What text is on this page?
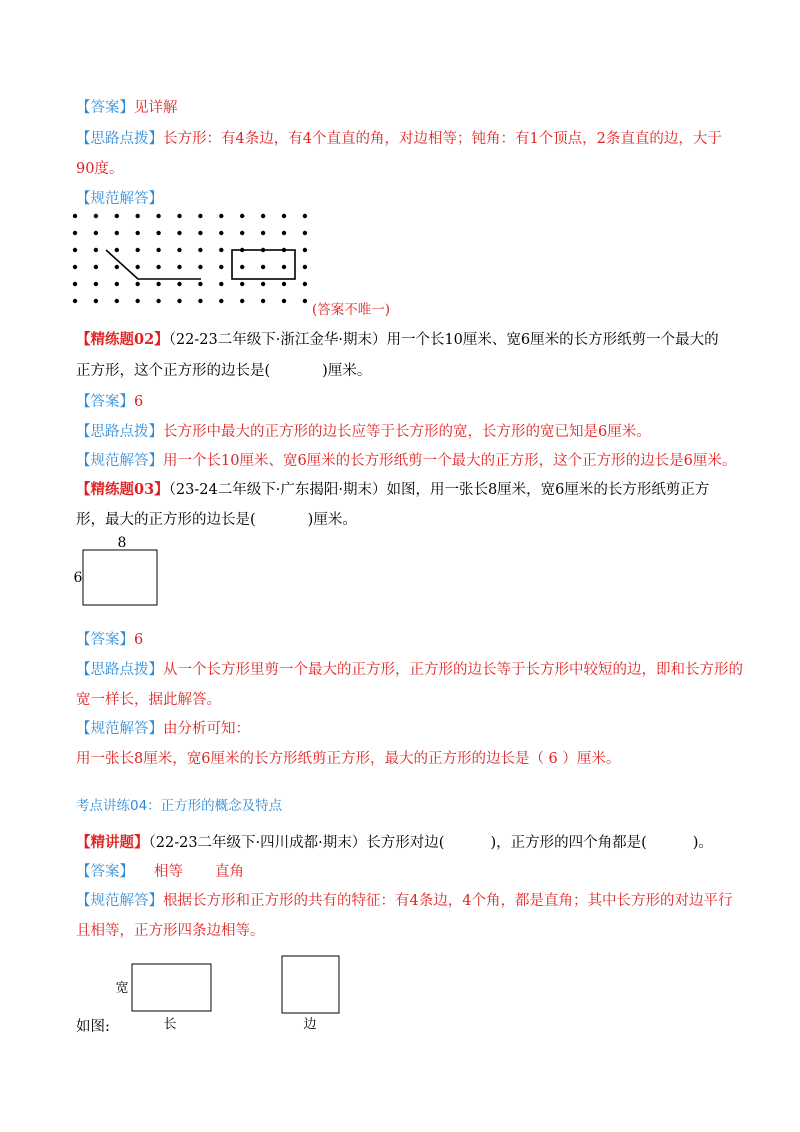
【答案】见详解
【思路点拨】长方形：有4条边，有4个直直的角，对边相等；钝角：有1个顶点，2条直直的边，大于
90度。
【规范解答】
(答案不唯一)
【精练题02】（22-23二年级下·浙江金华·期末）用一个长10厘米、宽6厘米的长方形纸剪一个最大的
正方形，这个正方形的边长是(	)厘米。
【答案】6
【思路点拨】长方形中最大的正方形的边长应等于长方形的宽，长方形的宽已知是6厘米。
【规范解答】用一个长10厘米、宽6厘米的长方形纸剪一个最大的正方形，这个正方形的边长是6厘米。
【精练题03】（23-24二年级下·广东揭阳·期末）如图，用一张长8厘米，宽6厘米的长方形纸剪正方
形，最大的正方形的边长是(	)厘米。
8
6
【答案】6
【思路点拨】从一个长方形里剪一个最大的正方形，正方形的边长等于长方形中较短的边，即和长方形的
宽一样长，据此解答。
【规范解答】由分析可知：
用一张长8厘米，宽6厘米的长方形纸剪正方形，最大的正方形的边长是（ 6 ）厘米。
考点讲练04：正方形的概念及特点
【精讲题】（22-23二年级下·四川成都·期末）长方形对边(	)，正方形的四个角都是(	)。
【答案】 相等 直角
【规范解答】根据长方形和正方形的共有的特征：有4条边，4个角，都是直角；其中长方形的对边平行
且相等，正方形四条边相等。
宽
长	边
如图:
